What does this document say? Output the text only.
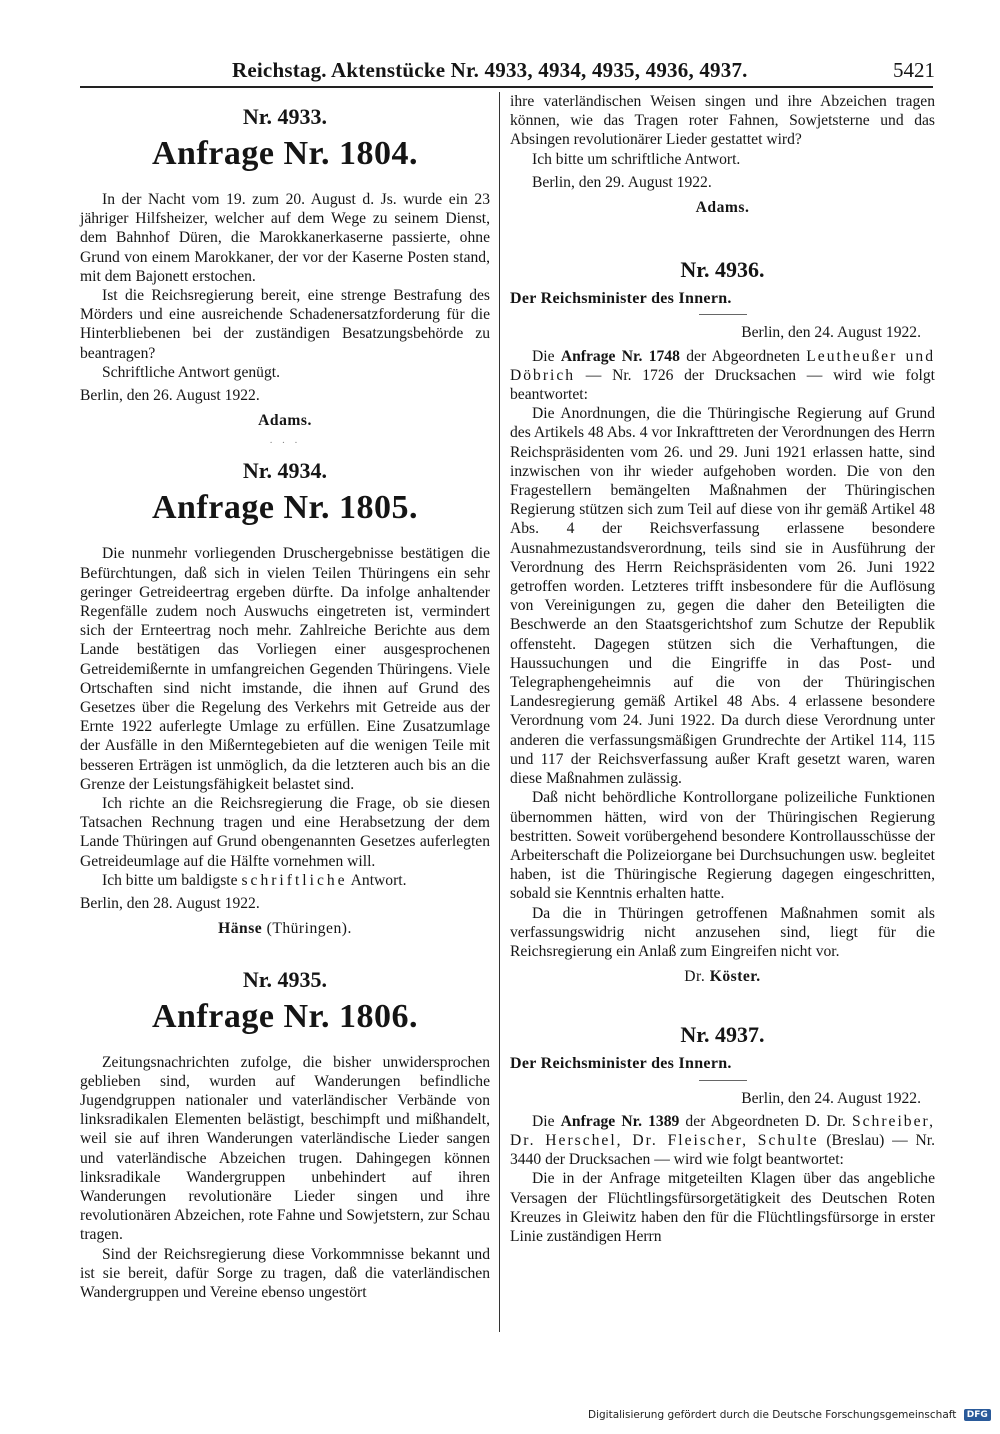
Reichstag. Aktenstücke Nr. 4933, 4934, 4935, 4936, 4937.	5421

Nr. 4933.

Anfrage Nr. 1804.

In der Nacht vom 19. zum 20. August d. Js. wurde ein 23 jähriger Hilfsheizer, welcher auf dem Wege zu seinem Dienst, dem Bahnhof Düren, die Marokkanerkaserne passierte, ohne Grund von einem Marokkaner, der vor der Kaserne Posten stand, mit dem Bajonett erstochen.

Ist die Reichsregierung bereit, eine strenge Bestrafung des Mörders und eine ausreichende Schadenersatzforderung für die Hinterbliebenen bei der zuständigen Besatzungsbehörde zu beantragen?

Schriftliche Antwort genügt.

Berlin, den 26. August 1922.

Adams.

· · ·

Nr. 4934.

Anfrage Nr. 1805.

Die nunmehr vorliegenden Druschergebnisse bestätigen die Befürchtungen, daß sich in vielen Teilen Thüringens ein sehr geringer Getreideertrag ergeben dürfte. Da infolge anhaltender Regenfälle zudem noch Auswuchs eingetreten ist, vermindert sich der Ernteertrag noch mehr. Zahlreiche Berichte aus dem Lande bestätigen das Vorliegen einer ausgesprochenen Getreidemißernte in umfangreichen Gegenden Thüringens. Viele Ortschaften sind nicht imstande, die ihnen auf Grund des Gesetzes über die Regelung des Verkehrs mit Getreide aus der Ernte 1922 auferlegte Umlage zu erfüllen. Eine Zusatzumlage der Ausfälle in den Mißerntegebieten auf die wenigen Teile mit besseren Erträgen ist unmöglich, da die letzteren auch bis an die Grenze der Leistungsfähigkeit belastet sind.

Ich richte an die Reichsregierung die Frage, ob sie diesen Tatsachen Rechnung tragen und eine Herabsetzung der dem Lande Thüringen auf Grund obengenannten Gesetzes auferlegten Getreideumlage auf die Hälfte vornehmen will.

Ich bitte um baldigste schriftliche Antwort.

Berlin, den 28. August 1922.

Hänse (Thüringen).

Nr. 4935.

Anfrage Nr. 1806.

Zeitungsnachrichten zufolge, die bisher unwidersprochen geblieben sind, wurden auf Wanderungen befindliche Jugendgruppen nationaler und vaterländischer Verbände von linksradikalen Elementen belästigt, beschimpft und mißhandelt, weil sie auf ihren Wanderungen vaterländische Lieder sangen und vaterländische Abzeichen trugen. Dahingegen können linksradikale Wandergruppen unbehindert auf ihren Wanderungen revolutionäre Lieder singen und ihre revolutionären Abzeichen, rote Fahne und Sowjetstern, zur Schau tragen.

Sind der Reichsregierung diese Vorkommnisse bekannt und ist sie bereit, dafür Sorge zu tragen, daß die vaterländischen Wandergruppen und Vereine ebenso ungestört

ihre vaterländischen Weisen singen und ihre Abzeichen tragen können, wie das Tragen roter Fahnen, Sowjetsterne und das Absingen revolutionärer Lieder gestattet wird?

Ich bitte um schriftliche Antwort.

Berlin, den 29. August 1922.

Adams.

Nr. 4936.

Der Reichsminister des Innern.

Berlin, den 24. August 1922.

Die Anfrage Nr. 1748 der Abgeordneten Leutheußer und Döbrich — Nr. 1726 der Drucksachen — wird wie folgt beantwortet:

Die Anordnungen, die die Thüringische Regierung auf Grund des Artikels 48 Abs. 4 vor Inkrafttreten der Verordnungen des Herrn Reichspräsidenten vom 26. und 29. Juni 1921 erlassen hatte, sind inzwischen von ihr wieder aufgehoben worden. Die von den Fragestellern bemängelten Maßnahmen der Thüringischen Regierung stützen sich zum Teil auf diese von ihr gemäß Artikel 48 Abs. 4 der Reichsverfassung erlassene besondere Ausnahmezustandsverordnung, teils sind sie in Ausführung der Verordnung des Herrn Reichspräsidenten vom 26. Juni 1922 getroffen worden. Letzteres trifft insbesondere für die Auflösung von Vereinigungen zu, gegen die daher den Beteiligten die Beschwerde an den Staatsgerichtshof zum Schutze der Republik offensteht. Dagegen stützen sich die Verhaftungen, die Haussuchungen und die Eingriffe in das Post- und Telegraphengeheimnis auf die von der Thüringischen Landesregierung gemäß Artikel 48 Abs. 4 erlassene besondere Verordnung vom 24. Juni 1922. Da durch diese Verordnung unter anderen die verfassungsmäßigen Grundrechte der Artikel 114, 115 und 117 der Reichsverfassung außer Kraft gesetzt waren, waren diese Maßnahmen zulässig.

Daß nicht behördliche Kontrollorgane polizeiliche Funktionen übernommen hätten, wird von der Thüringischen Regierung bestritten. Soweit vorübergehend besondere Kontrollausschüsse der Arbeiterschaft die Polizeiorgane bei Durchsuchungen usw. begleitet haben, ist die Thüringische Regierung dagegen eingeschritten, sobald sie Kenntnis erhalten hatte.

Da die in Thüringen getroffenen Maßnahmen somit als verfassungswidrig nicht anzusehen sind, liegt für die Reichsregierung ein Anlaß zum Eingreifen nicht vor.

Dr. Köster.

Nr. 4937.

Der Reichsminister des Innern.

Berlin, den 24. August 1922.

Die Anfrage Nr. 1389 der Abgeordneten D. Dr. Schreiber, Dr. Herschel, Dr. Fleischer, Schulte (Breslau) — Nr. 3440 der Drucksachen — wird wie folgt beantwortet:

Die in der Anfrage mitgeteilten Klagen über das angebliche Versagen der Flüchtlingsfürsorgetätigkeit des Deutschen Roten Kreuzes in Gleiwitz haben den für die Flüchtlingsfürsorge in erster Linie zuständigen Herrn

Digitalisierung gefördert durch die Deutsche Forschungsgemeinschaft DFG
